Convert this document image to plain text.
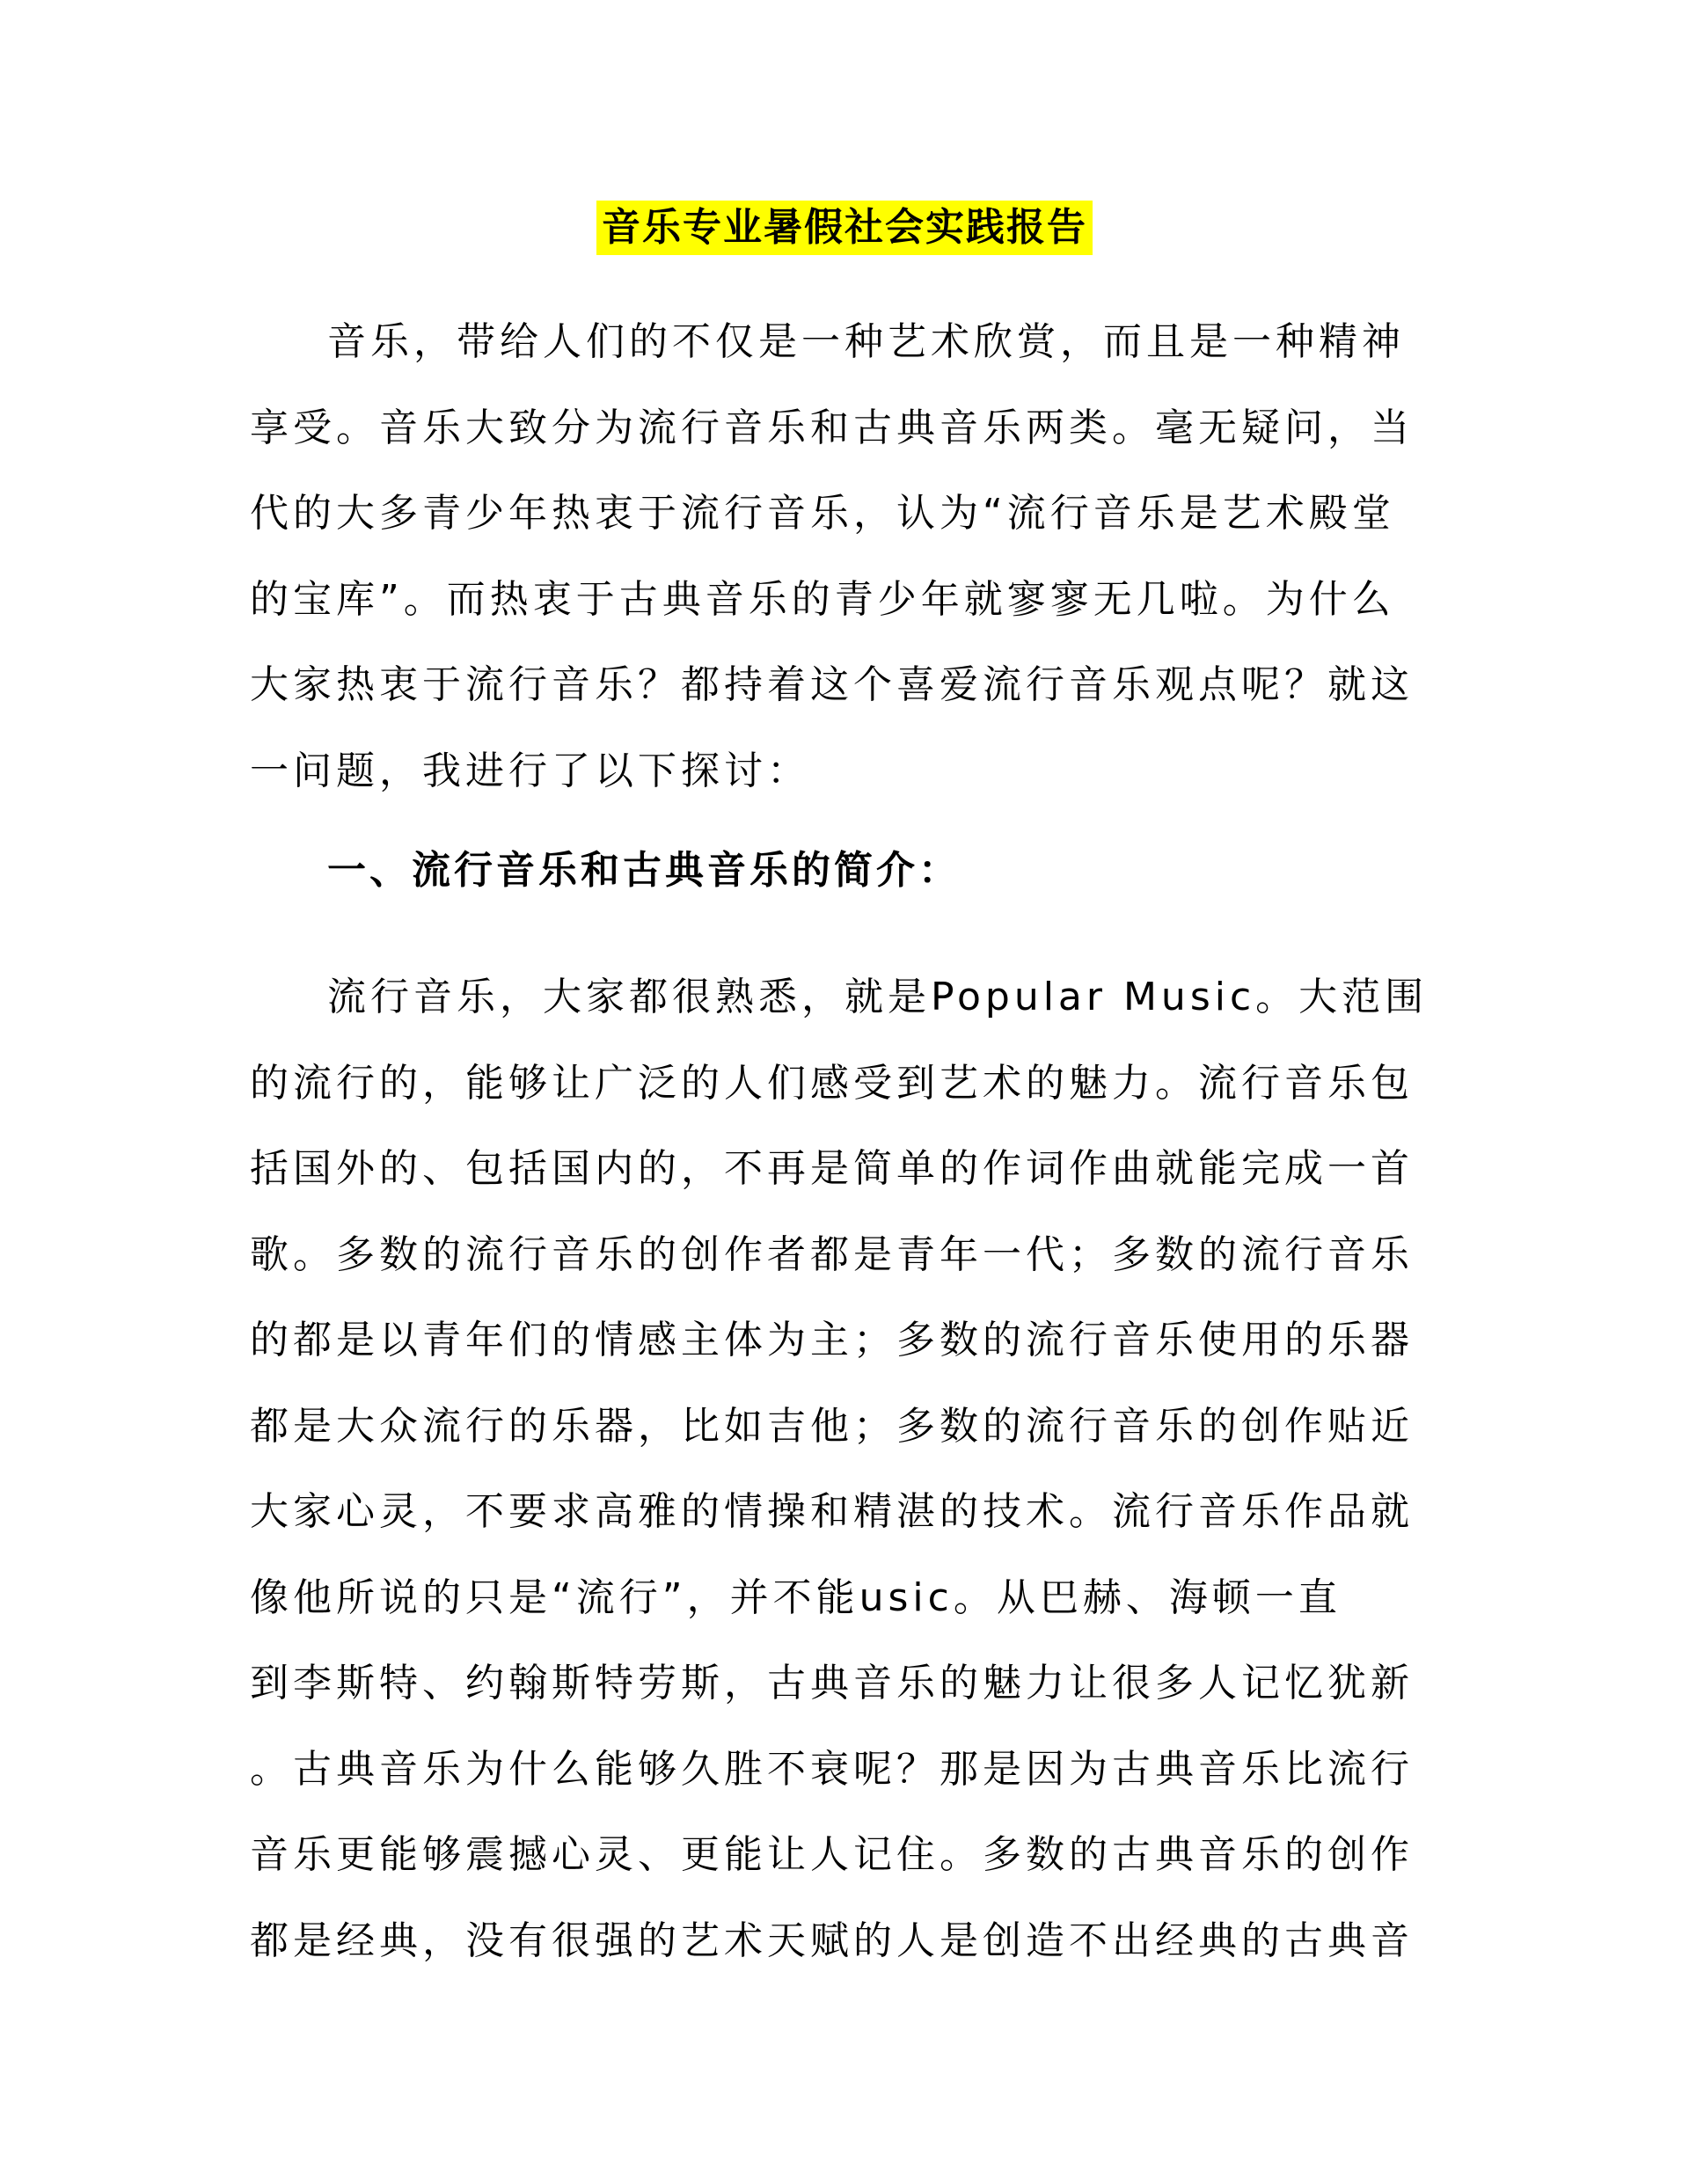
音乐专业暑假社会实践报告
音乐，带给人们的不仅是一种艺术欣赏，而且是一种精神
享受。音乐大致分为流行音乐和古典音乐两类。毫无疑问，当
代的大多青少年热衷于流行音乐，认为“流行音乐是艺术殿堂
的宝库”。而热衷于古典音乐的青少年就寥寥无几啦。为什么
大家热衷于流行音乐？都持着这个喜爱流行音乐观点呢？就这
一问题，我进行了以下探讨：
一、流行音乐和古典音乐的简介：
流行音乐，大家都很熟悉，就是Popular Music。大范围
的流行的，能够让广泛的人们感受到艺术的魅力。流行音乐包
括国外的、包括国内的，不再是简单的作词作曲就能完成一首
歌。多数的流行音乐的创作者都是青年一代；多数的流行音乐
的都是以青年们的情感主体为主；多数的流行音乐使用的乐器
都是大众流行的乐器，比如吉他；多数的流行音乐的创作贴近
大家心灵，不要求高雅的情操和精湛的技术。流行音乐作品就
像他所说的只是“流行”，并不能usic。从巴赫、海顿一直
到李斯特、约翰斯特劳斯，古典音乐的魅力让很多人记忆犹新
。古典音乐为什么能够久胜不衰呢？那是因为古典音乐比流行
音乐更能够震撼心灵、更能让人记住。多数的古典音乐的创作
都是经典，没有很强的艺术天赋的人是创造不出经典的古典音
